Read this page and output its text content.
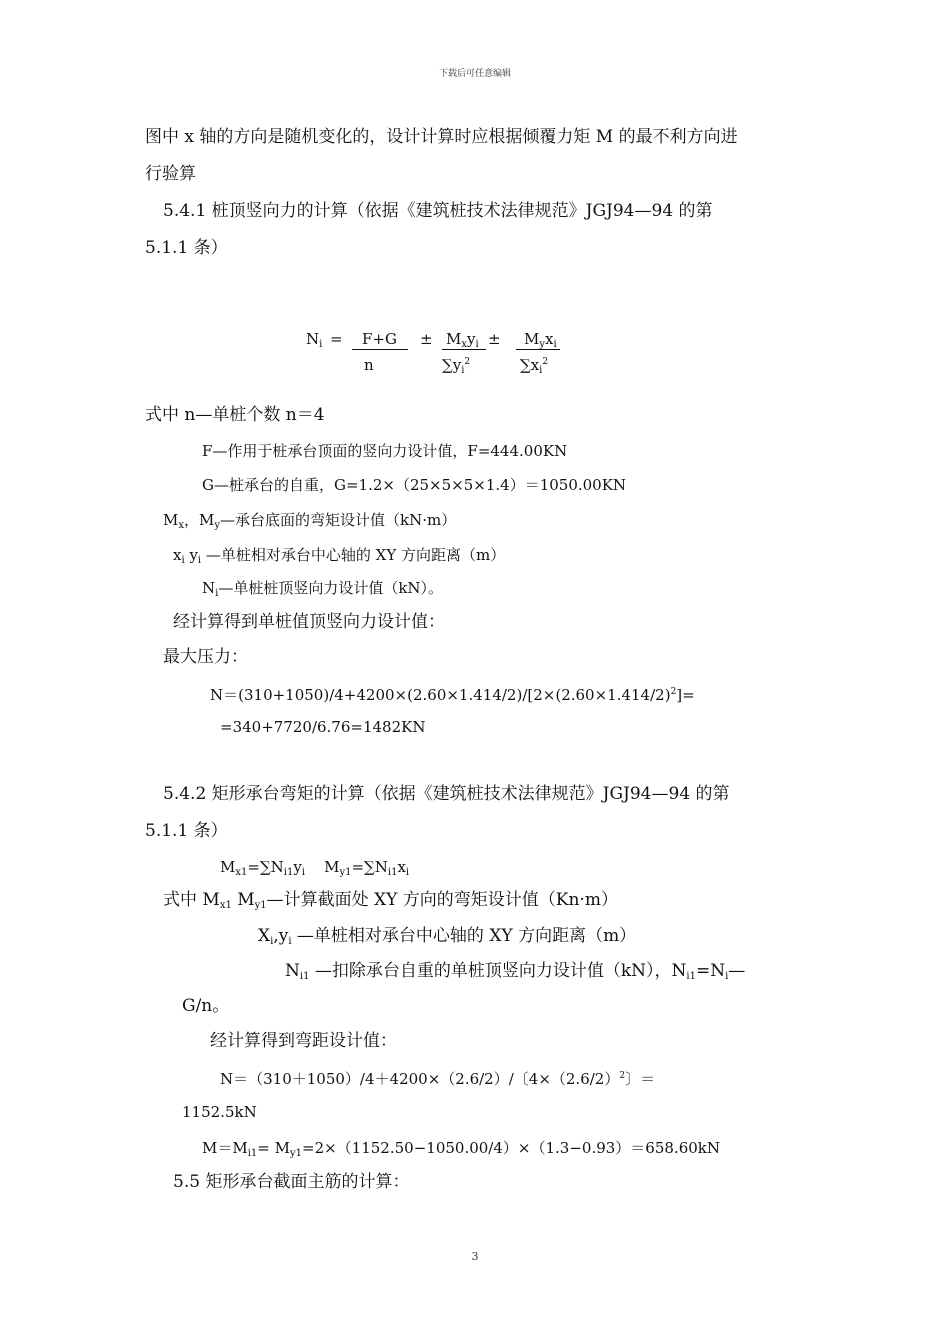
下载后可任意编辑
图中 x 轴的方向是随机变化的，设计计算时应根据倾覆力矩 M 的最不利方向进
行验算
5.4.1 桩顶竖向力的计算（依据《建筑桩技术法律规范》JGJ94—94 的第
5.1.1 条）
$N_i = F+G$
n
± $M_xy_i$
$\sum y_i^2$
± $M_yx_i$
$\sum x_i^2$
式中 n—单桩个数 n＝4
F—作用于桩承台顶面的竖向力设计值，F=444.00KN
G—桩承台的自重，G=1.2×（25×5×5×1.4）＝1050.00KN
$M_x$，$M_y—$承台底面的弯矩设计值（kN·m）
$x_i$ $y_i$ —单桩相对承台中心轴的 XY 方向距离（m）
$N_i—$单桩桩顶竖向力设计值（kN）。
经计算得到单桩值顶竖向力设计值：
最大压力：
$N=(310+1050)/4+4200\times(2.60\times 1.414/2)/[2\times(2.60\times 1.414/2)^2]=$
=340+7720/6.76=1482KN
5.4.2 矩形承台弯矩的计算（依据《建筑桩技术法律规范》JGJ94—94 的第
5.1.1 条）
$M_{x1}=\sum N_{i1}y_i$    $M_{y1}=\sum N_{i1}x_i$
式中 $M_{x1}$ $M_{y1}—$计算截面处 XY 方向的弯矩设计值（Kn·m）
$X_i,y_i$ —单桩相对承台中心轴的 XY 方向距离（m）
$N_{i1}$ —扣除承台自重的单桩顶竖向力设计值（kN），$N_{i1}=N_i—$
G/n。
经计算得到弯距设计值：
N＝（310＋1050）/4＋4200×（2.6/2）/〔$4\times(2.6/2)^2$〕＝
1152.5kN
$M=M_{i1}= M_{y1}=2\times(1152.50-1050.00/4)\times(1.3-0.93)=658.60kN$
5.5 矩形承台截面主筋的计算：
3
